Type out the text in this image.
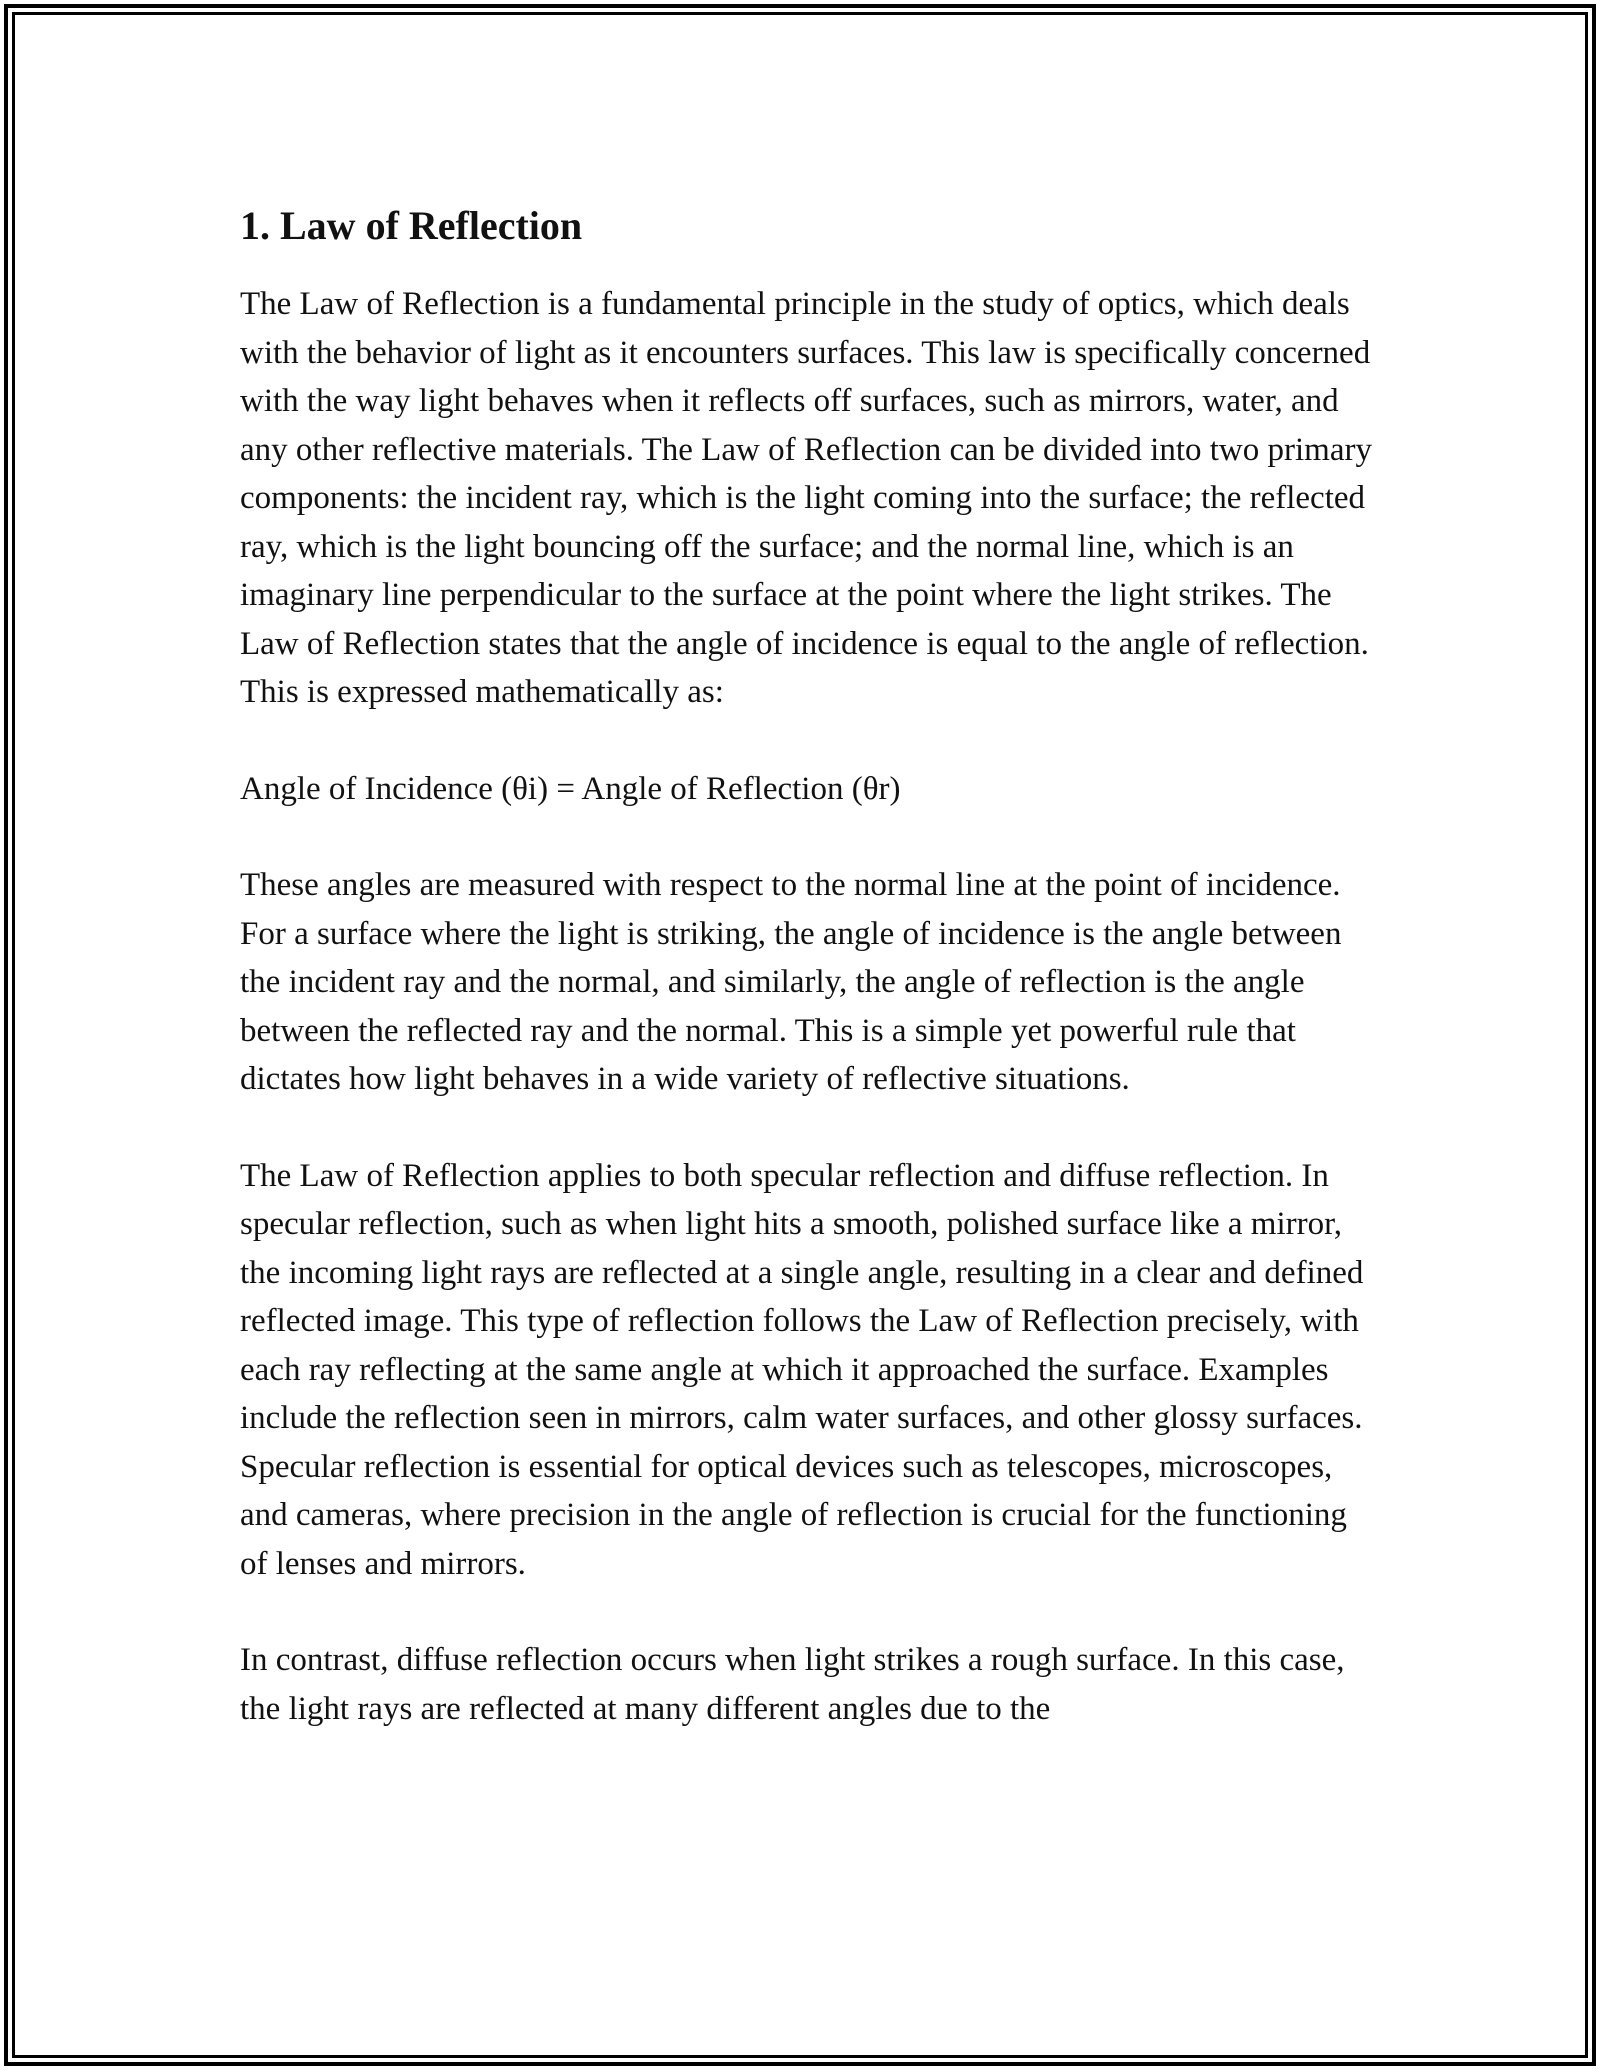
1. Law of Reflection

The Law of Reflection is a fundamental principle in the study of optics, which deals with the behavior of light as it encounters surfaces. This law is specifically concerned with the way light behaves when it reflects off surfaces, such as mirrors, water, and any other reflective materials. The Law of Reflection can be divided into two primary components: the incident ray, which is the light coming into the surface; the reflected ray, which is the light bouncing off the surface; and the normal line, which is an imaginary line perpendicular to the surface at the point where the light strikes. The Law of Reflection states that the angle of incidence is equal to the angle of reflection. This is expressed mathematically as:

Angle of Incidence (θi) = Angle of Reflection (θr)

These angles are measured with respect to the normal line at the point of incidence. For a surface where the light is striking, the angle of incidence is the angle between the incident ray and the normal, and similarly, the angle of reflection is the angle between the reflected ray and the normal. This is a simple yet powerful rule that dictates how light behaves in a wide variety of reflective situations.

The Law of Reflection applies to both specular reflection and diffuse reflection. In specular reflection, such as when light hits a smooth, polished surface like a mirror, the incoming light rays are reflected at a single angle, resulting in a clear and defined reflected image. This type of reflection follows the Law of Reflection precisely, with each ray reflecting at the same angle at which it approached the surface. Examples include the reflection seen in mirrors, calm water surfaces, and other glossy surfaces. Specular reflection is essential for optical devices such as telescopes, microscopes, and cameras, where precision in the angle of reflection is crucial for the functioning of lenses and mirrors.

In contrast, diffuse reflection occurs when light strikes a rough surface. In this case, the light rays are reflected at many different angles due to the
